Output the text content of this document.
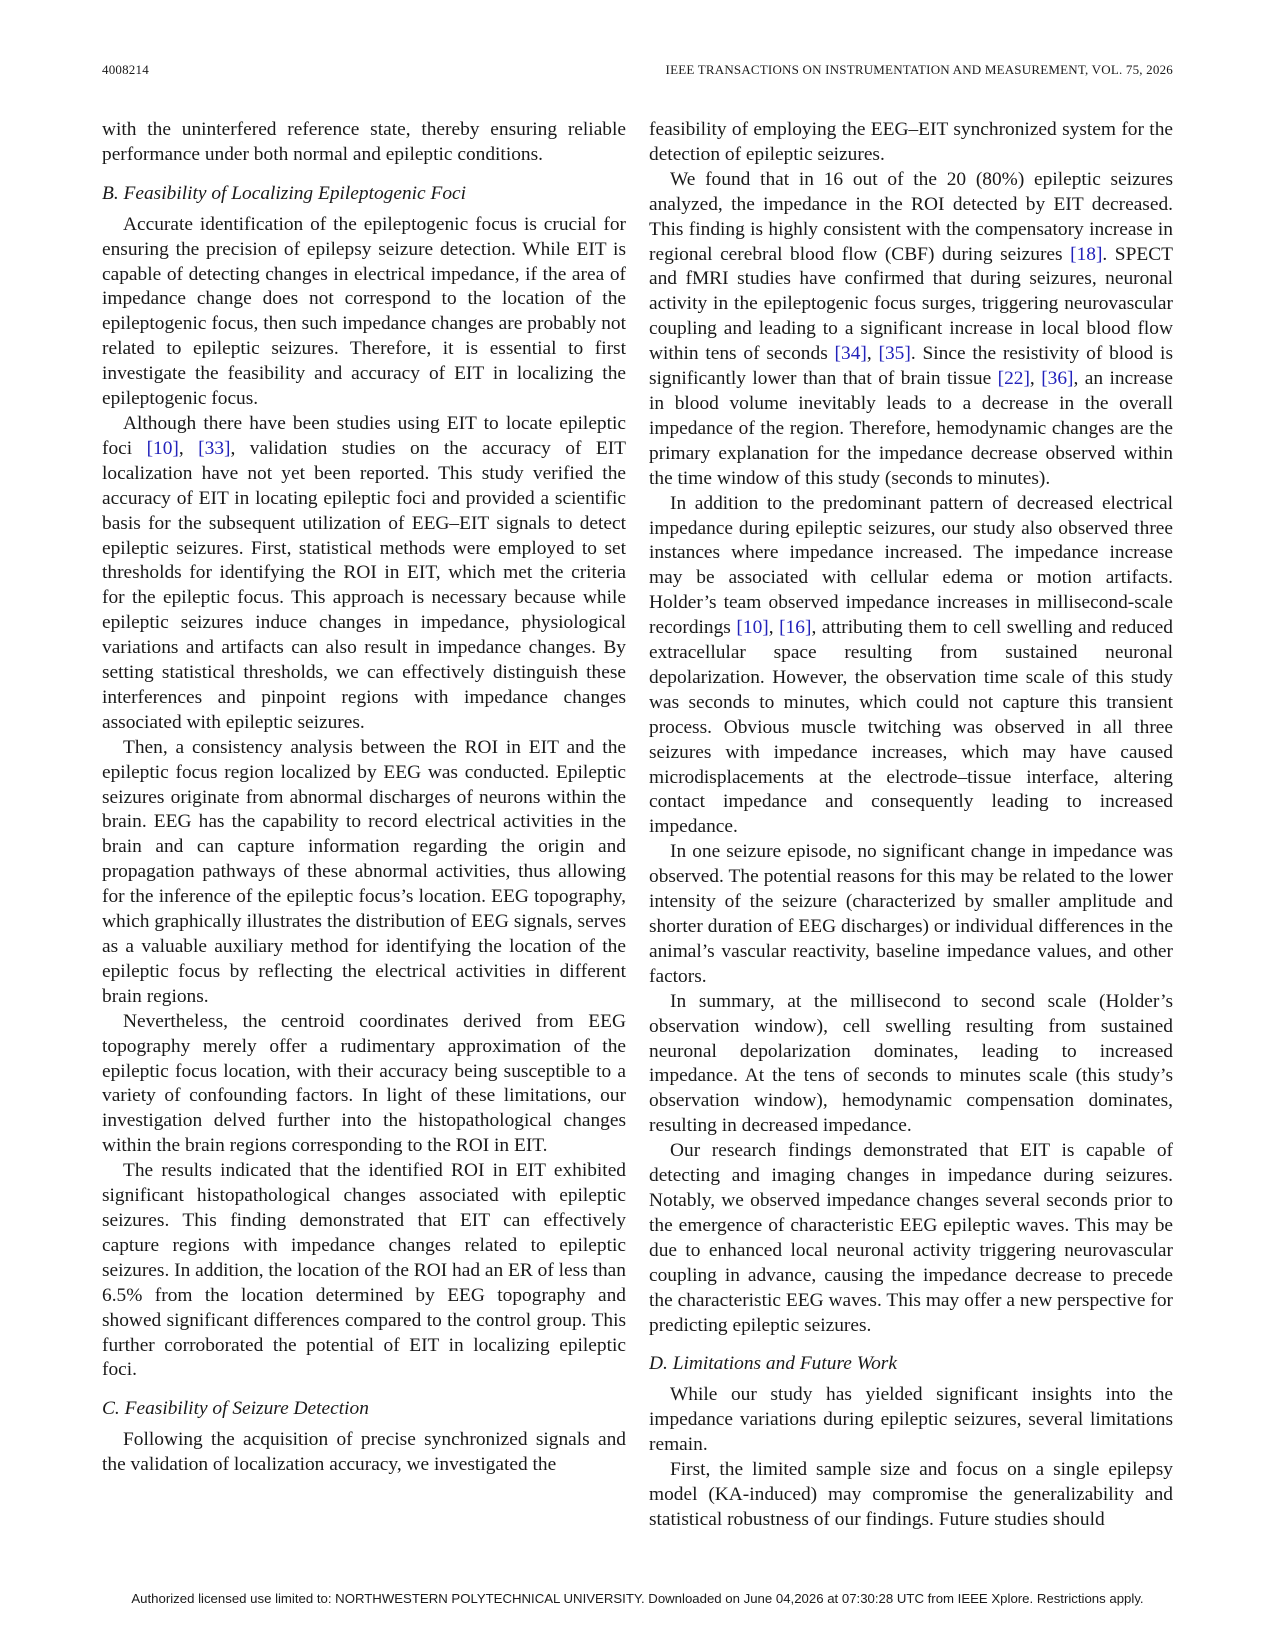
4008214	IEEE TRANSACTIONS ON INSTRUMENTATION AND MEASUREMENT, VOL. 75, 2026

with the uninterfered reference state, thereby ensuring reliable performance under both normal and epileptic conditions.

B. Feasibility of Localizing Epileptogenic Foci

Accurate identification of the epileptogenic focus is crucial for ensuring the precision of epilepsy seizure detection. While EIT is capable of detecting changes in electrical impedance, if the area of impedance change does not correspond to the location of the epileptogenic focus, then such impedance changes are probably not related to epileptic seizures. Therefore, it is essential to first investigate the feasibility and accuracy of EIT in localizing the epileptogenic focus.

Although there have been studies using EIT to locate epileptic foci [10], [33], validation studies on the accuracy of EIT localization have not yet been reported. This study verified the accuracy of EIT in locating epileptic foci and provided a scientific basis for the subsequent utilization of EEG–EIT signals to detect epileptic seizures. First, statistical methods were employed to set thresholds for identifying the ROI in EIT, which met the criteria for the epileptic focus. This approach is necessary because while epileptic seizures induce changes in impedance, physiological variations and artifacts can also result in impedance changes. By setting statistical thresholds, we can effectively distinguish these interferences and pinpoint regions with impedance changes associated with epileptic seizures.

Then, a consistency analysis between the ROI in EIT and the epileptic focus region localized by EEG was conducted. Epileptic seizures originate from abnormal discharges of neurons within the brain. EEG has the capability to record electrical activities in the brain and can capture information regarding the origin and propagation pathways of these abnormal activities, thus allowing for the inference of the epileptic focus’s location. EEG topography, which graphically illustrates the distribution of EEG signals, serves as a valuable auxiliary method for identifying the location of the epileptic focus by reflecting the electrical activities in different brain regions.

Nevertheless, the centroid coordinates derived from EEG topography merely offer a rudimentary approximation of the epileptic focus location, with their accuracy being susceptible to a variety of confounding factors. In light of these limitations, our investigation delved further into the histopathological changes within the brain regions corresponding to the ROI in EIT.

The results indicated that the identified ROI in EIT exhibited significant histopathological changes associated with epileptic seizures. This finding demonstrated that EIT can effectively capture regions with impedance changes related to epileptic seizures. In addition, the location of the ROI had an ER of less than 6.5% from the location determined by EEG topography and showed significant differences compared to the control group. This further corroborated the potential of EIT in localizing epileptic foci.

C. Feasibility of Seizure Detection

Following the acquisition of precise synchronized signals and the validation of localization accuracy, we investigated the

feasibility of employing the EEG–EIT synchronized system for the detection of epileptic seizures.

We found that in 16 out of the 20 (80%) epileptic seizures analyzed, the impedance in the ROI detected by EIT decreased. This finding is highly consistent with the compensatory increase in regional cerebral blood flow (CBF) during seizures [18]. SPECT and fMRI studies have confirmed that during seizures, neuronal activity in the epileptogenic focus surges, triggering neurovascular coupling and leading to a significant increase in local blood flow within tens of seconds [34], [35]. Since the resistivity of blood is significantly lower than that of brain tissue [22], [36], an increase in blood volume inevitably leads to a decrease in the overall impedance of the region. Therefore, hemodynamic changes are the primary explanation for the impedance decrease observed within the time window of this study (seconds to minutes).

In addition to the predominant pattern of decreased electrical impedance during epileptic seizures, our study also observed three instances where impedance increased. The impedance increase may be associated with cellular edema or motion artifacts. Holder’s team observed impedance increases in millisecond-scale recordings [10], [16], attributing them to cell swelling and reduced extracellular space resulting from sustained neuronal depolarization. However, the observation time scale of this study was seconds to minutes, which could not capture this transient process. Obvious muscle twitching was observed in all three seizures with impedance increases, which may have caused microdisplacements at the electrode–tissue interface, altering contact impedance and consequently leading to increased impedance.

In one seizure episode, no significant change in impedance was observed. The potential reasons for this may be related to the lower intensity of the seizure (characterized by smaller amplitude and shorter duration of EEG discharges) or individual differences in the animal’s vascular reactivity, baseline impedance values, and other factors.

In summary, at the millisecond to second scale (Holder’s observation window), cell swelling resulting from sustained neuronal depolarization dominates, leading to increased impedance. At the tens of seconds to minutes scale (this study’s observation window), hemodynamic compensation dominates, resulting in decreased impedance.

Our research findings demonstrated that EIT is capable of detecting and imaging changes in impedance during seizures. Notably, we observed impedance changes several seconds prior to the emergence of characteristic EEG epileptic waves. This may be due to enhanced local neuronal activity triggering neurovascular coupling in advance, causing the impedance decrease to precede the characteristic EEG waves. This may offer a new perspective for predicting epileptic seizures.

D. Limitations and Future Work

While our study has yielded significant insights into the impedance variations during epileptic seizures, several limitations remain.

First, the limited sample size and focus on a single epilepsy model (KA-induced) may compromise the generalizability and statistical robustness of our findings. Future studies should

Authorized licensed use limited to: NORTHWESTERN POLYTECHNICAL UNIVERSITY. Downloaded on June 04,2026 at 07:30:28 UTC from IEEE Xplore. Restrictions apply.
